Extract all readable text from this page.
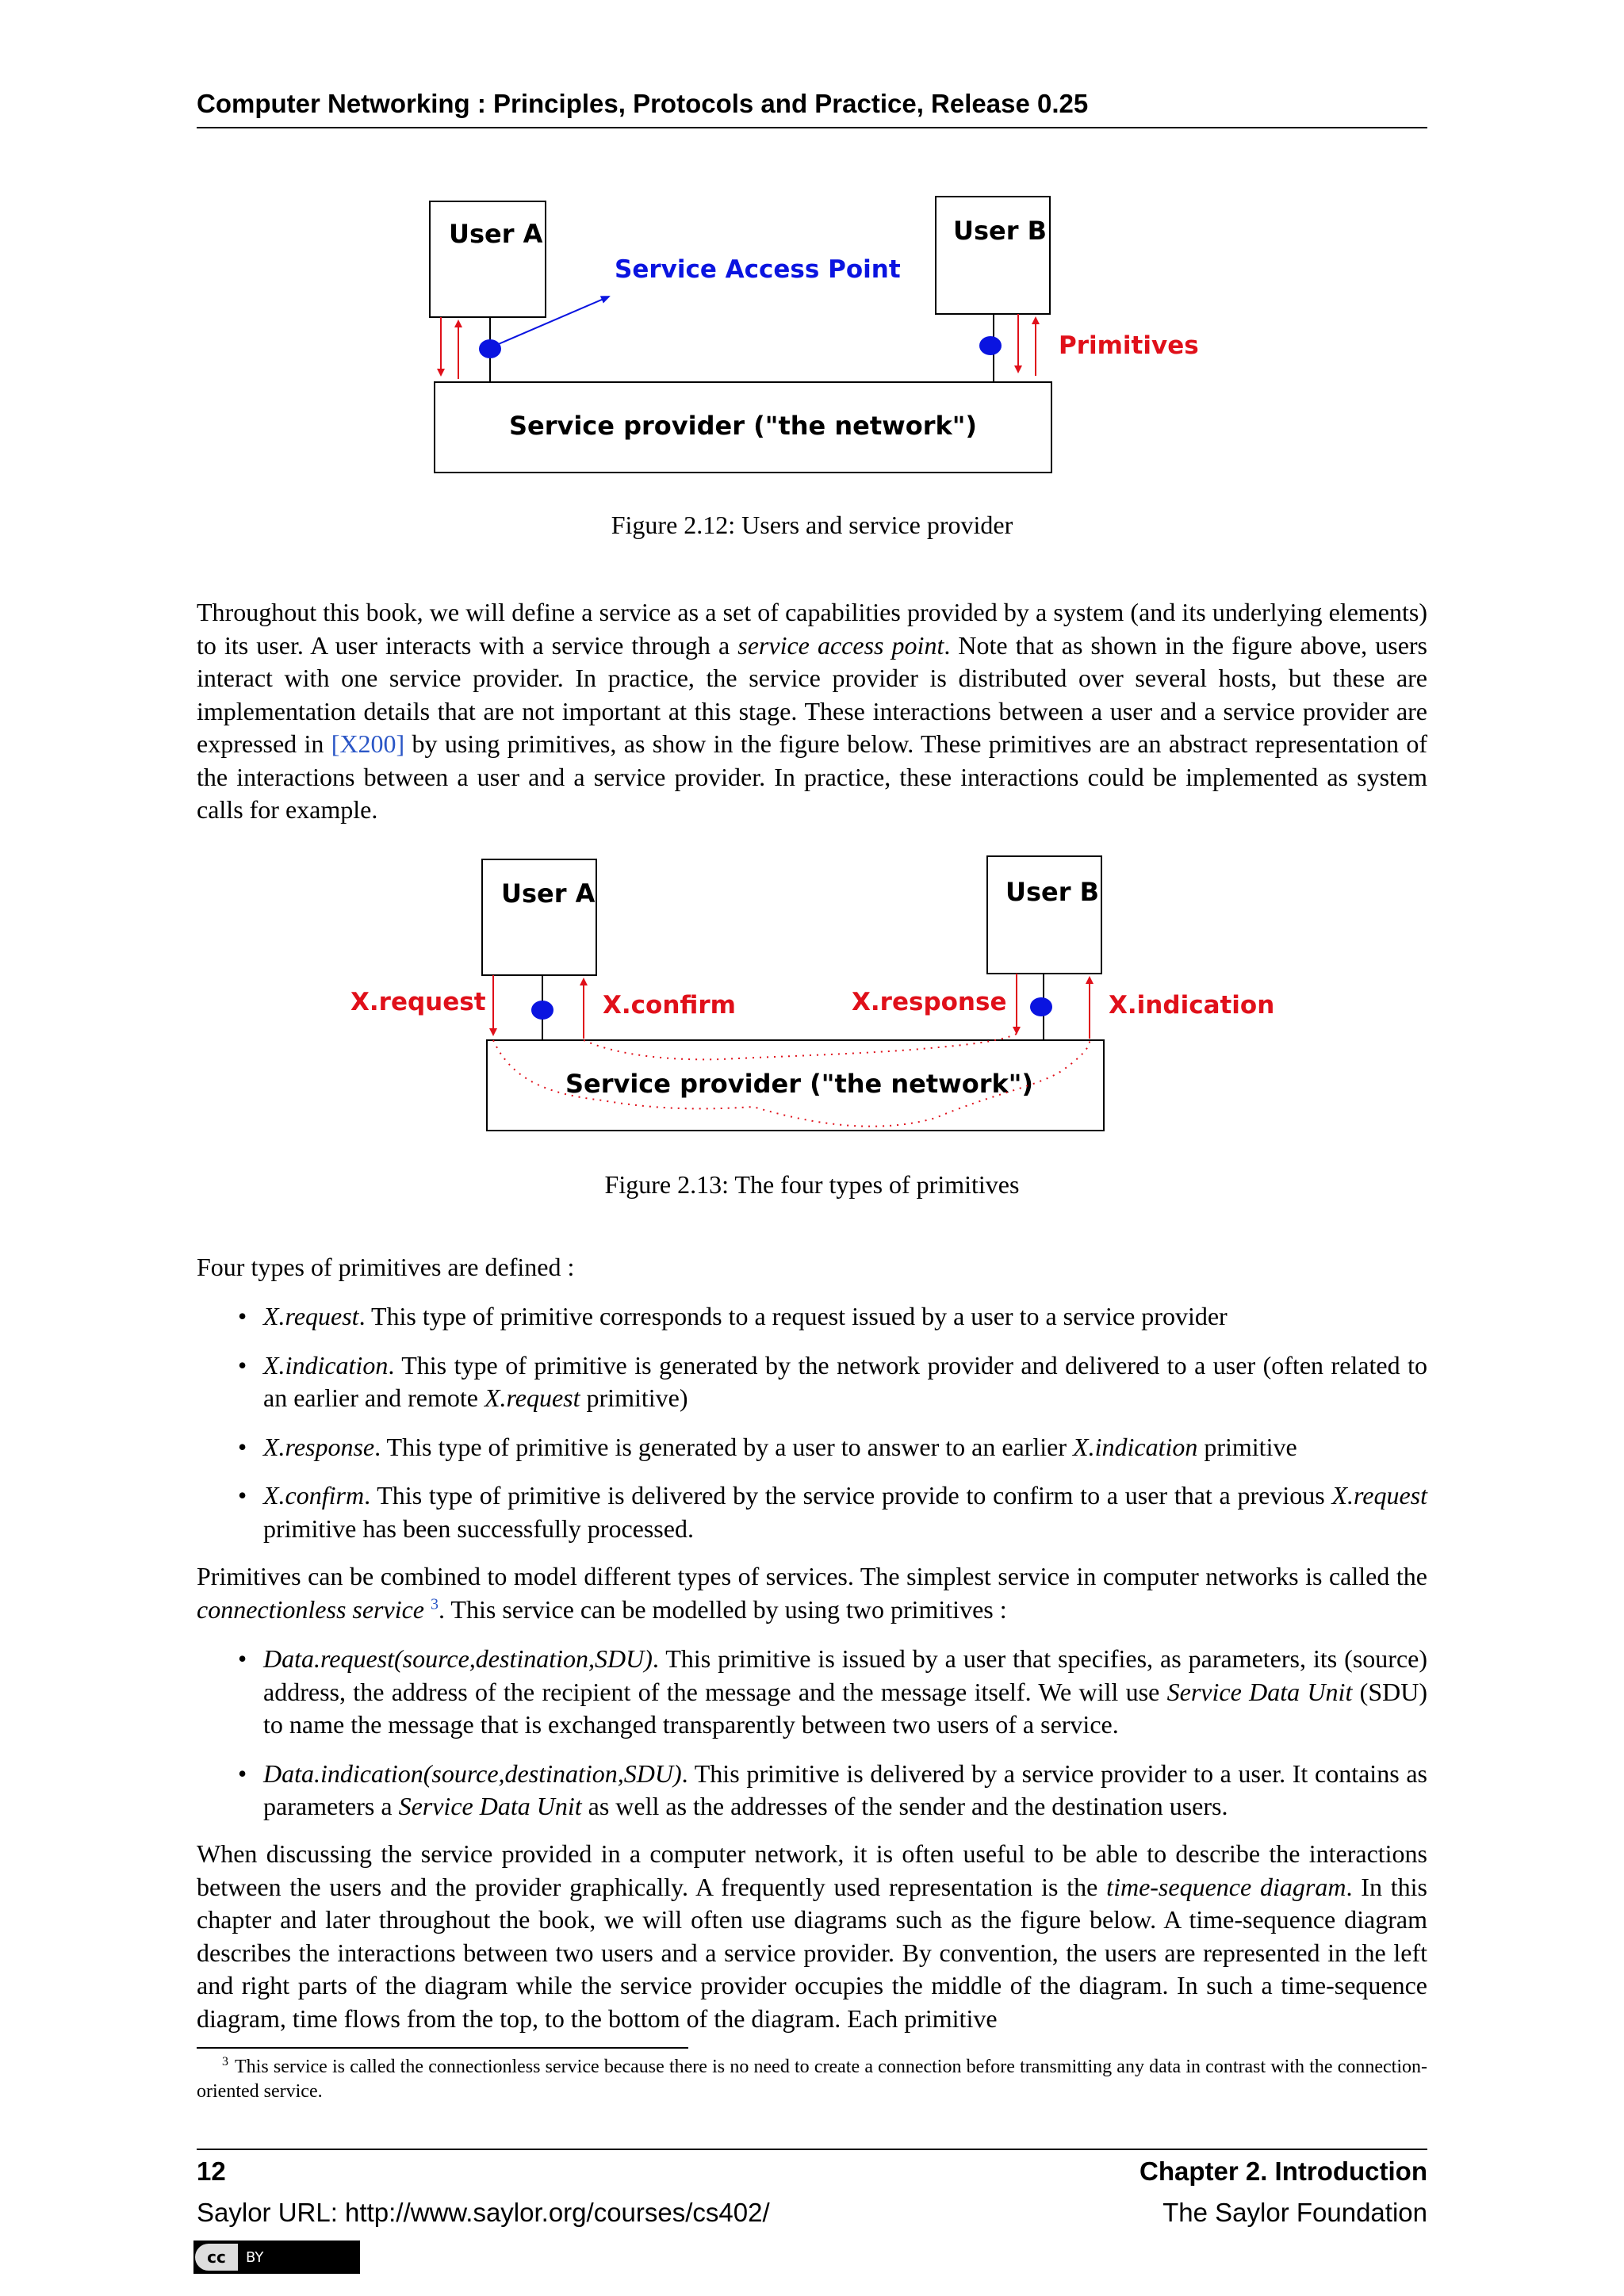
Computer Networking : Principles, Protocols and Practice, Release 0.25
User A	User B
Service provider ("the network")
Service Access Point
Primitives
Figure 2.12: Users and service provider
Throughout this book, we will define a service as a set of capabilities provided by a system (and its underlying elements) to its user. A user interacts with a service through a service access point. Note that as shown in the figure above, users interact with one service provider. In practice, the service provider is distributed over several hosts, but these are implementation details that are not important at this stage. These interactions between a user and a service provider are expressed in [X200] by using primitives, as show in the figure below. These primitives are an abstract representation of the interactions between a user and a service provider. In practice, these interactions could be implemented as system calls for example.
User A	User B
Service provider ("the network")
X.request	X.confirm	X.response	X.indication
Figure 2.13: The four types of primitives
Four types of primitives are defined :
• X.request. This type of primitive corresponds to a request issued by a user to a service provider
• X.indication. This type of primitive is generated by the network provider and delivered to a user (often related to an earlier and remote X.request primitive)
• X.response. This type of primitive is generated by a user to answer to an earlier X.indication primitive
• X.confirm. This type of primitive is delivered by the service provide to confirm to a user that a previous X.request primitive has been successfully processed.
Primitives can be combined to model different types of services. The simplest service in computer networks is called the connectionless service $^3$. This service can be modelled by using two primitives :
• Data.request(source,destination,SDU). This primitive is issued by a user that specifies, as parameters, its (source) address, the address of the recipient of the message and the message itself. We will use Service Data Unit (SDU) to name the message that is exchanged transparently between two users of a service.
• Data.indication(source,destination,SDU). This primitive is delivered by a service provider to a user. It contains as parameters a Service Data Unit as well as the addresses of the sender and the destination users.
When discussing the service provided in a computer network, it is often useful to be able to describe the interactions between the users and the provider graphically. A frequently used representation is the time-sequence diagram. In this chapter and later throughout the book, we will often use diagrams such as the figure below. A time-sequence diagram describes the interactions between two users and a service provider. By convention, the users are represented in the left and right parts of the diagram while the service provider occupies the middle of the diagram. In such a time-sequence diagram, time flows from the top, to the bottom of the diagram. Each primitive
$^3$ This service is called the connectionless service because there is no need to create a connection before transmitting any data in contrast with the connection-oriented service.
12	Chapter 2. Introduction
Saylor URL: http://www.saylor.org/courses/cs402/	The Saylor Foundation
cc	BY
